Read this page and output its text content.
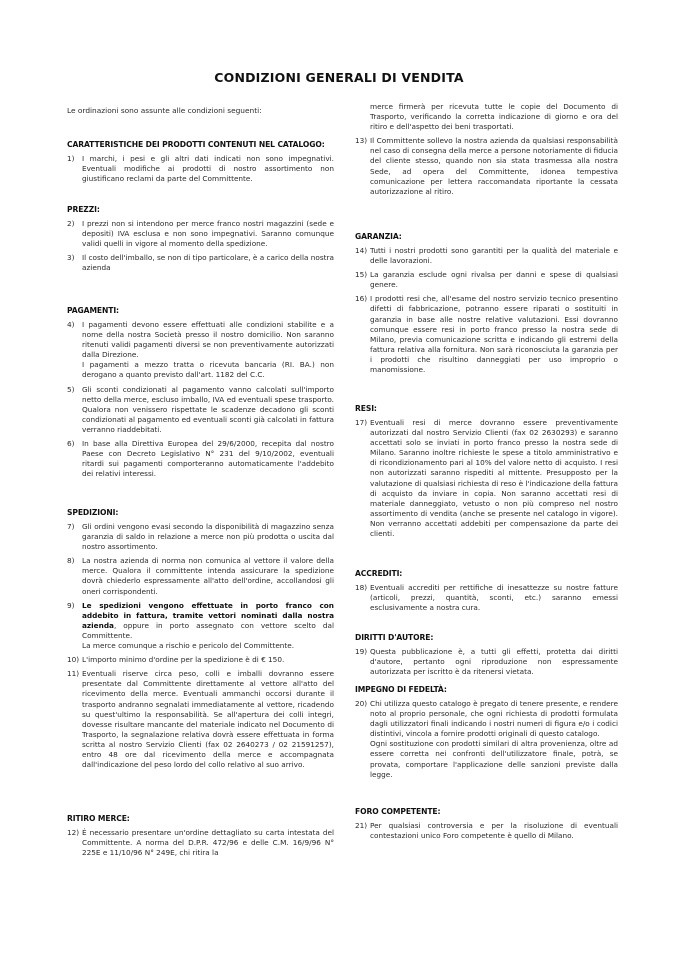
CONDIZIONI GENERALI DI VENDITA
Le ordinazioni sono assunte alle condizioni seguenti:
CARATTERISTICHE DEI PRODOTTI CONTENUTI NEL CATALOGO:
1) I marchi, i pesi e gli altri dati indicati non sono impegnativi. Eventuali modifiche ai prodotti di nostro assortimento non giustificano reclami da parte del Committente.

PREZZI:
2) I prezzi non si intendono per merce franco nostri magazzini (sede e depositi) IVA esclusa e non sono impegnativi. Saranno comunque validi quelli in vigore al momento della spedizione.

3) Il costo dell'imballo, se non di tipo particolare, è a carico della nostra azienda

PAGAMENTI:
4) I pagamenti devono essere effettuati alle condizioni stabilite e a nome della nostra Società presso il nostro domicilio. Non saranno ritenuti validi pagamenti diversi se non preventivamente autorizzati dalla Direzione.

I pagamenti a mezzo tratta o ricevuta bancaria (RI. BA.) non derogano a quanto previsto dall'art. 1182 del C.C.

5) Gli sconti condizionati al pagamento vanno calcolati sull'importo netto della merce, escluso imballo, IVA ed eventuali spese trasporto. Qualora non venissero rispettate le scadenze decadono gli sconti condizionati al pagamento ed eventuali sconti già calcolati in fattura verranno riaddebitati.

6) In base alla Direttiva Europea del 29/6/2000, recepita dal nostro Paese con Decreto Legislativo N° 231 del 9/10/2002, eventuali ritardi sui pagamenti comporteranno automaticamente l'addebito dei relativi interessi.

SPEDIZIONI:
7) Gli ordini vengono evasi secondo la disponibilità di magazzino senza garanzia di saldo in relazione a merce non più prodotta o uscita dal nostro assortimento.

8) La nostra azienda di norma non comunica al vettore il valore della merce. Qualora il committente intenda assicurare la spedizione dovrà chiederlo espressamente all'atto dell'ordine, accollandosi gli oneri corrispondenti.

9) Le spedizioni vengono effettuate in porto franco con addebito in fattura, tramite vettori nominati dalla nostra azienda, oppure in porto assegnato con vettore scelto dal Committente.

La merce comunque a rischio e pericolo del Committente.

10) L'importo minimo d'ordine per la spedizione è di € 150.

11) Eventuali riserve circa peso, colli e imballi dovranno essere presentate dal Committente direttamente al vettore all'atto del ricevimento della merce. Eventuali ammanchi occorsi durante il trasporto andranno segnalati immediatamente al vettore, ricadendo su quest'ultimo la responsabilità. Se all'apertura dei colli integri, dovesse risultare mancante del materiale indicato nel Documento di Trasporto, la segnalazione relativa dovrà essere effettuata in forma scritta al nostro Servizio Clienti (fax 02 2640273 / 02 21591257), entro 48 ore dal ricevimento della merce e accompagnata dall'indicazione del peso lordo del collo relativo al suo arrivo.

RITIRO MERCE:
12) É necessario presentare un'ordine dettagliato su carta intestata del Committente. A norma del D.P.R. 472/96 e delle C.M. 16/9/96 N° 225E e 11/10/96 N° 249E, chi ritira la

merce firmerà per ricevuta tutte le copie del Documento di Trasporto, verificando la corretta indicazione di giorno e ora del ritiro e dell'aspetto dei beni trasportati.

13) Il Committente sollevo la nostra azienda da qualsiasi responsabilità nel caso di consegna della merce a persone notoriamente di fiducia del cliente stesso, quando non sia stata trasmessa alla nostra Sede, ad opera del Committente, idonea tempestiva comunicazione per lettera raccomandata riportante la cessata autorizzazione al ritiro.

GARANZIA:
14) Tutti i nostri prodotti sono garantiti per la qualità del materiale e delle lavorazioni.

15) La garanzia esclude ogni rivalsa per danni e spese di qualsiasi genere.

16) I prodotti resi che, all'esame del nostro servizio tecnico presentino difetti di fabbricazione, potranno essere riparati o sostituiti in garanzia in base alle nostre relative valutazioni. Essi dovranno comunque essere resi in porto franco presso la nostra sede di Milano, previa comunicazione scritta e indicando gli estremi della fattura relativa alla fornitura. Non sarà riconosciuta la garanzia per i prodotti che risultino danneggiati per uso improprio o manomissione.

RESI:
17) Eventuali resi di merce dovranno essere preventivamente autorizzati dal nostro Servizio Clienti (fax 02 2630293) e saranno accettati solo se inviati in porto franco presso la nostra sede di Milano. Saranno inoltre richieste le spese a titolo amministrativo e di ricondizionamento pari al 10% del valore netto di acquisto. I resi non autorizzati saranno rispediti al mittente. Presupposto per la valutazione di qualsiasi richiesta di reso è l'indicazione della fattura di acquisto da inviare in copia. Non saranno accettati resi di materiale danneggiato, vetusto o non più compreso nel nostro assortimento di vendita (anche se presente nel catalogo in vigore). Non verranno accettati addebiti per compensazione da parte dei clienti.

ACCREDITI:
18) Eventuali accrediti per rettifiche di inesattezze su nostre fatture (articoli, prezzi, quantità, sconti, etc.) saranno emessi esclusivamente a nostra cura.

DIRITTI D'AUTORE:
19) Questa pubblicazione è, a tutti gli effetti, protetta dai diritti d'autore, pertanto ogni riproduzione non espressamente autorizzata per iscritto è da ritenersi vietata.

IMPEGNO DI FEDELTÀ:
20) Chi utilizza questo catalogo è pregato di tenere presente, e rendere noto al proprio personale, che ogni richiesta di prodotti formulata dagli utilizzatori finali indicando i nostri numeri di figura e/o i codici distintivi, vincola a fornire prodotti originali di questo catalogo.

Ogni sostituzione con prodotti similari di altra provenienza, oltre ad essere corretta nei confronti dell'utilizzatore finale, potrà, se provata, comportare l'applicazione delle sanzioni previste dalla legge.

FORO COMPETENTE:
21) Per qualsiasi controversia e per la risoluzione di eventuali contestazioni unico Foro competente è quello di Milano.
